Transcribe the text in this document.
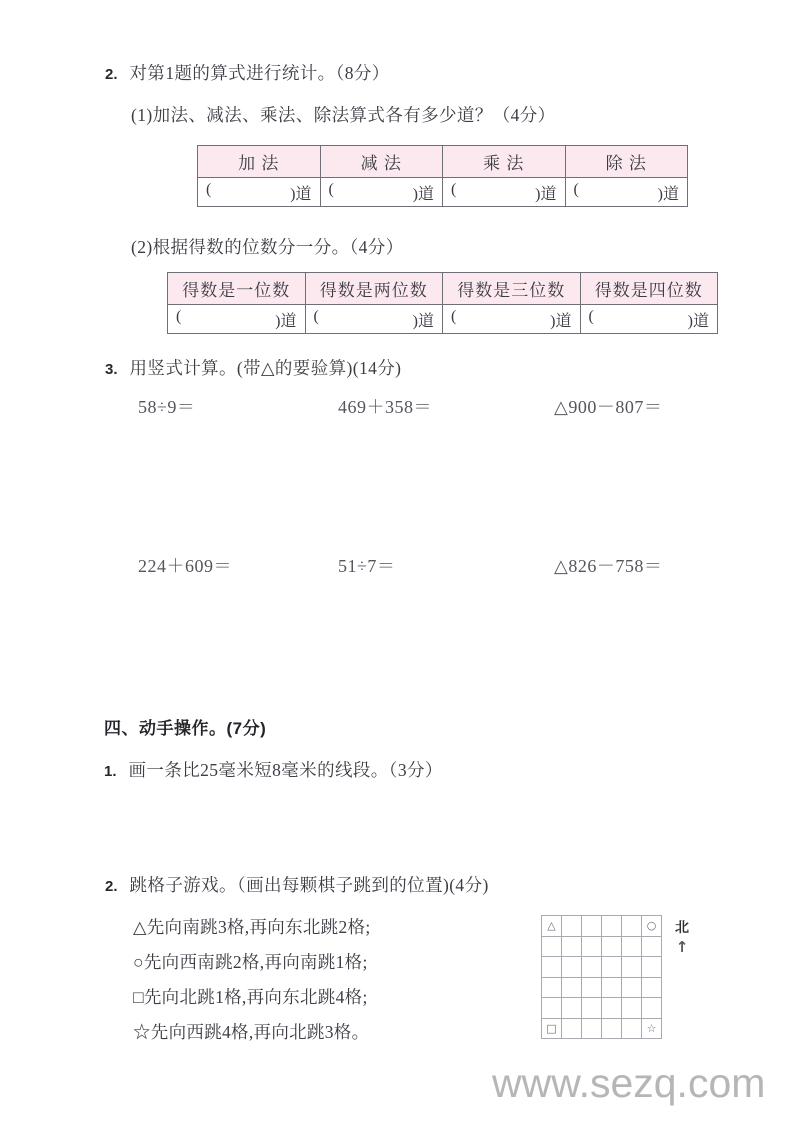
2. 对第1题的算式进行统计。（8分）
(1)加法、减法、乘法、除法算式各有多少道？（4分）
加 法	减 法	乘 法	除 法

( )道	( )道	( )道	( )道
(2)根据得数的位数分一分。（4分）
得数是一位数	得数是两位数	得数是三位数	得数是四位数

( )道	( )道	( )道	( )道
3. 用竖式计算。(带△的要验算)(14分)
58÷9＝	469＋358＝	△900－807＝
224＋609＝	51÷7＝	△826－758＝
四、动手操作。(7分)
1. 画一条比25毫米短8毫米的线段。（3分）
2. 跳格子游戏。（画出每颗棋子跳到的位置)(4分)
△先向南跳3格,再向东北跳2格;
○先向西南跳2格,再向南跳1格;
□先向北跳1格,再向东北跳4格;
☆先向西跳4格,再向北跳3格。
△					○

□					☆
北
↑
www.sezq.com
